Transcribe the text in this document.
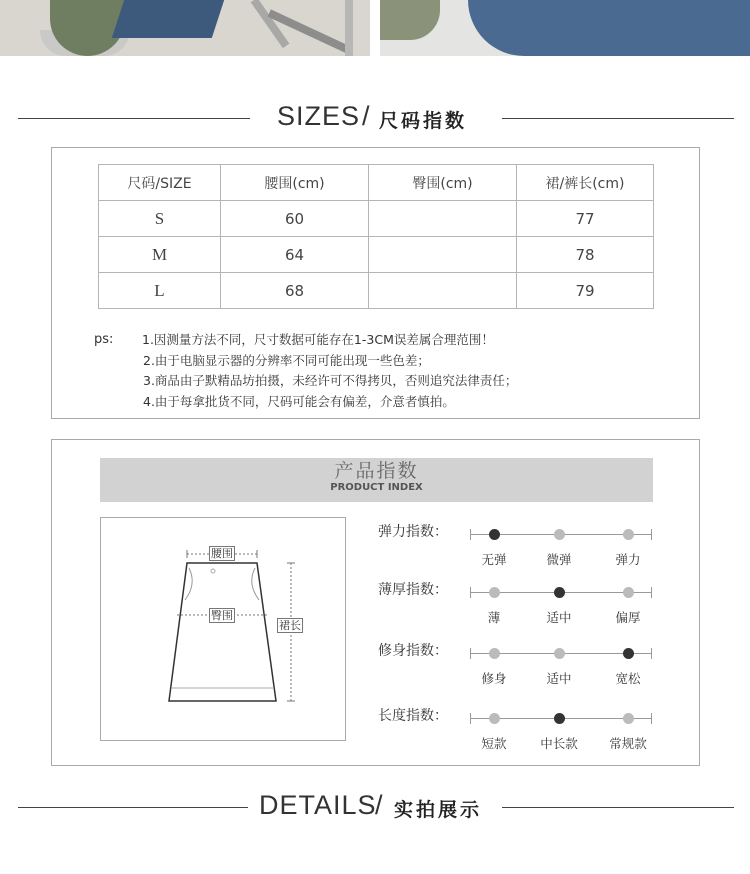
SIZES / 尺码指数
尺码/SIZE	腰围(cm)	臀围(cm)	裙/裤长(cm)
S	60		77
M	64		78
L	68		79
ps: 1.因测量方法不同，尺寸数据可能存在1-3CM误差属合理范围！
2.由于电脑显示器的分辨率不同可能出现一些色差；
3.商品由子默精品坊拍摄，未经许可不得拷贝，否则追究法律责任；
4.由于每拿批货不同，尺码可能会有偏差，介意者慎拍。
产品指数
PRODUCT INDEX
腰围
臀围
裙长
弹力指数：
无弹	微弹	弹力
薄厚指数：
薄	适中	偏厚
修身指数：
修身	适中	宽松
长度指数：
短款	中长款	常规款
DETAILS
/ 实拍展示
